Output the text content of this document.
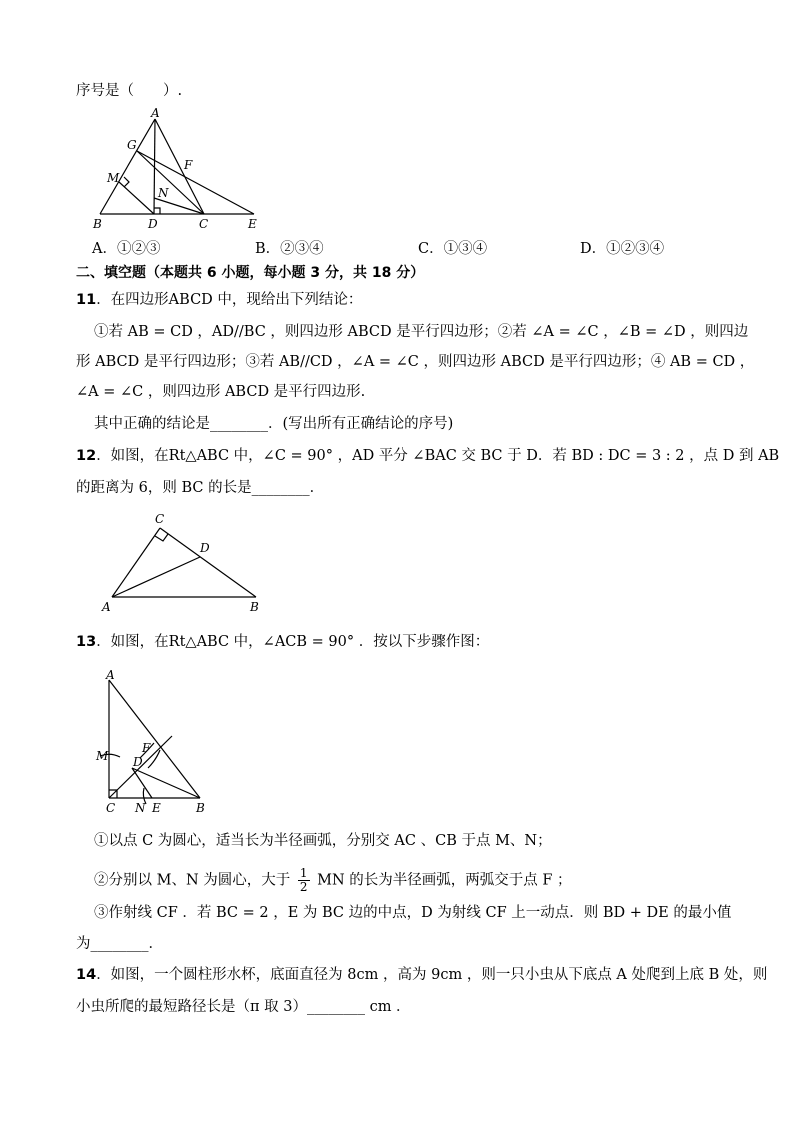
序号是（　　）.
A
B	C
D	E
F
G
M
N
A．①②③	B．②③④	C．①③④	D．①②③④
二、填空题（本题共 6 小题，每小题 3 分，共 18 分）
11．在四边形ABCD 中，现给出下列结论：
①若 AB = CD ，AD//BC ，则四边形 ABCD 是平行四边形；②若 ∠A = ∠C ，∠B = ∠D ，则四边
形 ABCD 是平行四边形；③若 AB//CD ，∠A = ∠C ，则四边形 ABCD 是平行四边形；④ AB = CD ，
∠A = ∠C ，则四边形 ABCD 是平行四边形.
其中正确的结论是________．(写出所有正确结论的序号)
12．如图，在Rt△ABC 中，∠C = 90° ，AD 平分 ∠BAC 交 BC 于 D．若 BD : DC = 3 : 2 ，点 D 到 AB
的距离为 6，则 BC 的长是________．
C
D
A	B
13．如图，在Rt△ABC 中，∠ACB = 90° ．按以下步骤作图：
A
M
F
D
C N E	B
①以点 C 为圆心，适当长为半径画弧，分别交 AC 、CB 于点 M、N；
②分别以 M、N 为圆心，大于 $\frac{1}{2}$ MN 的长为半径画弧，两弧交于点 F ；
③作射线 CF ．若 BC = 2 ，E 为 BC 边的中点，D 为射线 CF 上一动点．则 BD + DE 的最小值
为________．
14．如图，一个圆柱形水杯，底面直径为 8cm ，高为 9cm ，则一只小虫从下底点 A 处爬到上底 B 处，则
小虫所爬的最短路径长是（π 取 3）________ cm ．
